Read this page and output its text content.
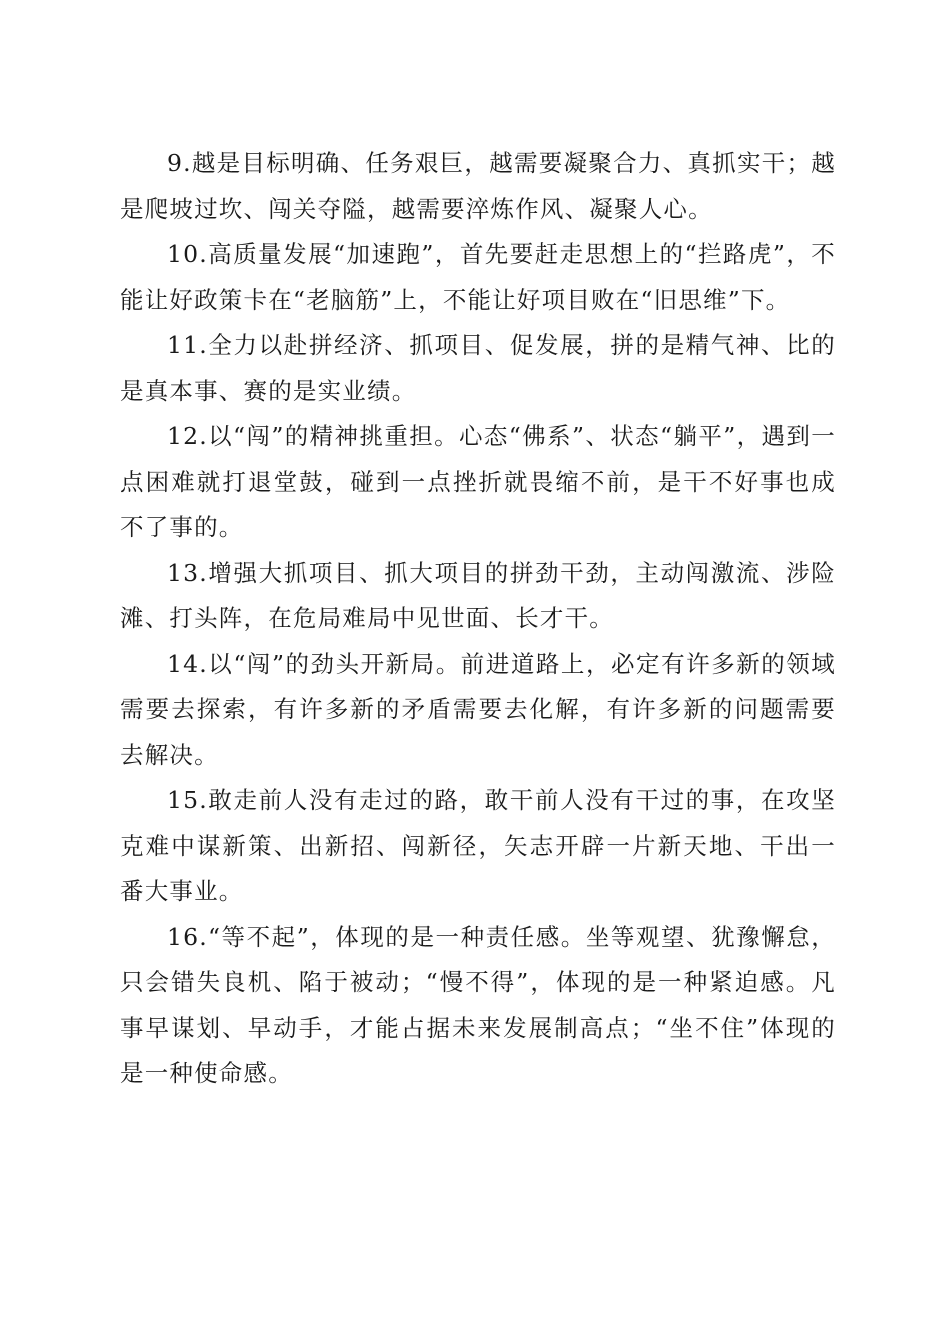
9.越是目标明确、任务艰巨，越需要凝聚合力、真抓实干；越是爬坡过坎、闯关夺隘，越需要淬炼作风、凝聚人心。

10.高质量发展“加速跑”，首先要赶走思想上的“拦路虎”，不能让好政策卡在“老脑筋”上，不能让好项目败在“旧思维”下。

11.全力以赴拼经济、抓项目、促发展，拼的是精气神、比的是真本事、赛的是实业绩。

12.以“闯”的精神挑重担。心态“佛系”、状态“躺平”，遇到一点困难就打退堂鼓，碰到一点挫折就畏缩不前，是干不好事也成不了事的。

13.增强大抓项目、抓大项目的拼劲干劲，主动闯激流、涉险滩、打头阵，在危局难局中见世面、长才干。

14.以“闯”的劲头开新局。前进道路上，必定有许多新的领域需要去探索，有许多新的矛盾需要去化解，有许多新的问题需要去解决。

15.敢走前人没有走过的路，敢干前人没有干过的事，在攻坚克难中谋新策、出新招、闯新径，矢志开辟一片新天地、干出一番大事业。

16.“等不起”，体现的是一种责任感。坐等观望、犹豫懈怠，只会错失良机、陷于被动；“慢不得”，体现的是一种紧迫感。凡事早谋划、早动手，才能占据未来发展制高点；“坐不住”体现的是一种使命感。
